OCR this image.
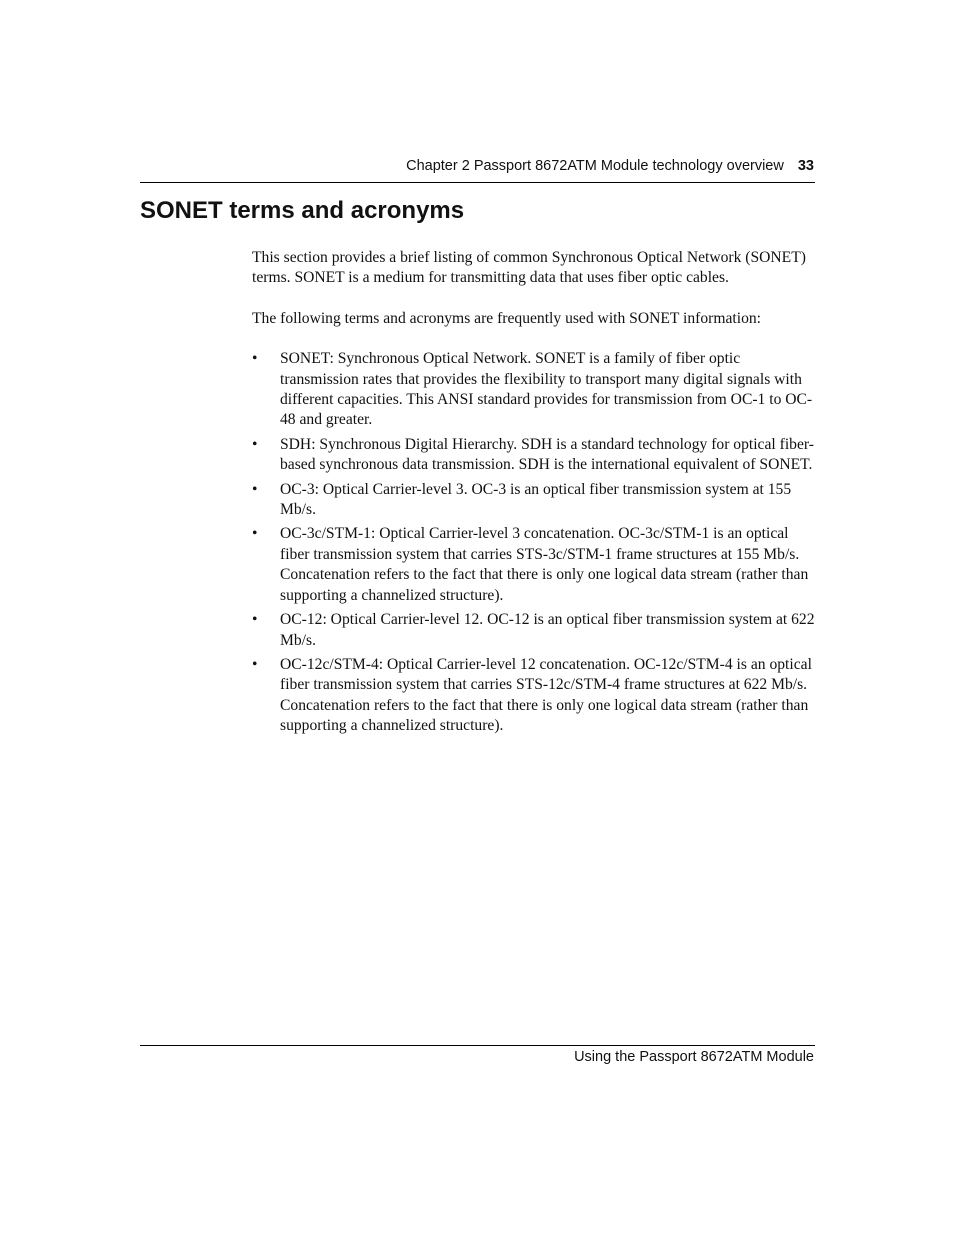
Chapter 2 Passport 8672ATM Module technology overview 33
SONET terms and acronyms

This section provides a brief listing of common Synchronous Optical Network (SONET) terms. SONET is a medium for transmitting data that uses fiber optic cables.

The following terms and acronyms are frequently used with SONET information:

• SONET: Synchronous Optical Network. SONET is a family of fiber optic transmission rates that provides the flexibility to transport many digital signals with different capacities. This ANSI standard provides for transmission from OC-1 to OC-48 and greater.
• SDH: Synchronous Digital Hierarchy. SDH is a standard technology for optical fiber-based synchronous data transmission. SDH is the international equivalent of SONET.
• OC-3: Optical Carrier-level 3. OC-3 is an optical fiber transmission system at 155 Mb/s.
• OC-3c/STM-1: Optical Carrier-level 3 concatenation. OC-3c/STM-1 is an optical fiber transmission system that carries STS-3c/STM-1 frame structures at 155 Mb/s. Concatenation refers to the fact that there is only one logical data stream (rather than supporting a channelized structure).
• OC-12: Optical Carrier-level 12. OC-12 is an optical fiber transmission system at 622 Mb/s.
• OC-12c/STM-4: Optical Carrier-level 12 concatenation. OC-12c/STM-4 is an optical fiber transmission system that carries STS-12c/STM-4 frame structures at 622 Mb/s. Concatenation refers to the fact that there is only one logical data stream (rather than supporting a channelized structure).
Using the Passport 8672ATM Module
